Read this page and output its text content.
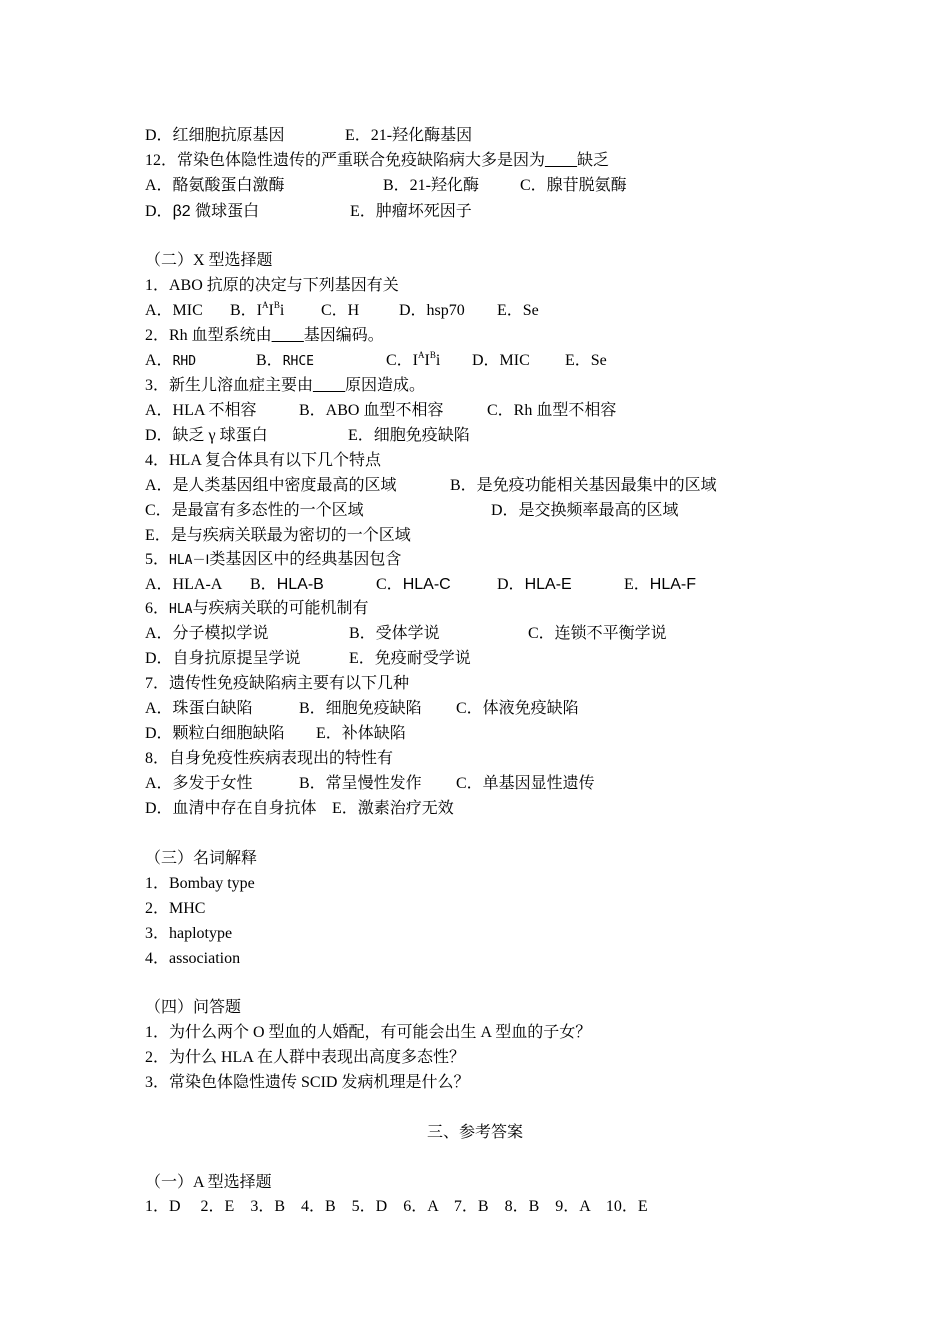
D．红细胞抗原基因

	E．21-羟化酶基因

12．常染色体隐性遗传的严重联合免疫缺陷病大多是因为____缺乏

A．酪氨酸蛋白激酶

	B．21-羟化酶

	C．腺苷脱氨酶

D．β2 微球蛋白

	E．肿瘤坏死因子

（二）X 型选择题
1．ABO 抗原的决定与下列基因有关

A．MIC

B．$I^AI^Bi$

C．H

D．hsp70

E．Se

2．Rh 血型系统由____基因编码。

A．RHD

	B．RHCE

	C．$I^AI^Bi$

D．MIC

E．Se

3．新生儿溶血症主要由____原因造成。

A．HLA 不相容

	B．ABO 血型不相容

	C．Rh 血型不相容

D．缺乏 γ 球蛋白

	E．细胞免疫缺陷

4．HLA 复合体具有以下几个特点

A．是人类基因组中密度最高的区域

	B．是免疫功能相关基因最集中的区域

C．是最富有多态性的一个区域

	D．是交换频率最高的区域

E．是与疾病关联最为密切的一个区域
5．HLA－Ⅰ类基因区中的经典基因包含

A．HLA-A

B．HLA-B

	C．HLA-C

	D．HLA-E

	E．HLA-F

6．HLA与疾病关联的可能机制有

A．分子模拟学说

	B．受体学说

	C．连锁不平衡学说

D．自身抗原提呈学说

	E．免疫耐受学说

7．遗传性免疫缺陷病主要有以下几种

A．珠蛋白缺陷

	B．细胞免疫缺陷

C．体液免疫缺陷

D．颗粒白细胞缺陷

E．补体缺陷

8．自身免疫性疾病表现出的特性有

A．多发于女性

	B．常呈慢性发作

C．单基因显性遗传

D．血清中存在自身抗体

E．激素治疗无效

（三）名词解释
1．Bombay type
2．MHC
3．haplotype
4．association
（四）问答题
1．为什么两个 O 型血的人婚配，有可能会出生 A 型血的子女？
2．为什么 HLA 在人群中表现出高度多态性？
3．常染色体隐性遗传 SCID 发病机理是什么？
三、参考答案
（一）A 型选择题
1．D　 2．E　3．B　4．B　5．D　6．A　7．B　8．B　9．A　10．E
